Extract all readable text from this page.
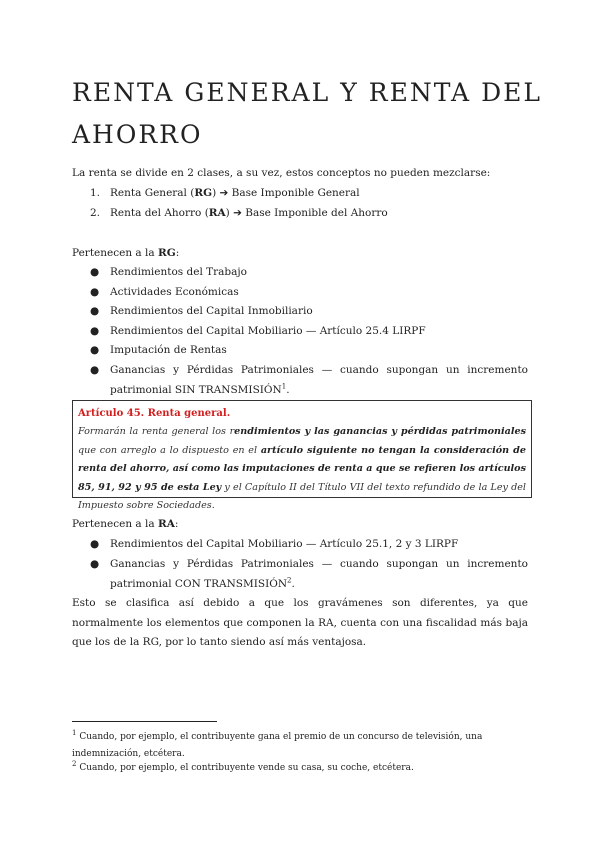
RENTA GENERAL Y RENTA DEL AHORRO
La renta se divide en 2 clases, a su vez, estos conceptos no pueden mezclarse:
1. Renta General (RG) ➔ Base Imponible General
2. Renta del Ahorro (RA) ➔ Base Imponible del Ahorro
Pertenecen a la RG:
● Rendimientos del Trabajo
● Actividades Económicas
● Rendimientos del Capital Inmobiliario
● Rendimientos del Capital Mobiliario — Artículo 25.4 LIRPF
● Imputación de Rentas
● Ganancias y Pérdidas Patrimoniales — cuando supongan un incremento patrimonial SIN TRANSMISIÓN$^1$.
Artículo 45. Renta general.
Formarán la renta general los rendimientos y las ganancias y pérdidas patrimoniales que con arreglo a lo dispuesto en el artículo siguiente no tengan la consideración de renta del ahorro, así como las imputaciones de renta a que se refieren los artículos 85, 91, 92 y 95 de esta Ley y el Capítulo II del Título VII del texto refundido de la Ley del Impuesto sobre Sociedades.
Pertenecen a la RA:
● Rendimientos del Capital Mobiliario — Artículo 25.1, 2 y 3 LIRPF
● Ganancias y Pérdidas Patrimoniales — cuando supongan un incremento patrimonial CON TRANSMISIÓN$^2$.
Esto se clasifica así debido a que los gravámenes son diferentes, ya que normalmente los elementos que componen la RA, cuenta con una fiscalidad más baja que los de la RG, por lo tanto siendo así más ventajosa.
$^1$ Cuando, por ejemplo, el contribuyente gana el premio de un concurso de televisión, una indemnización, etcétera.
$^2$ Cuando, por ejemplo, el contribuyente vende su casa, su coche, etcétera.
